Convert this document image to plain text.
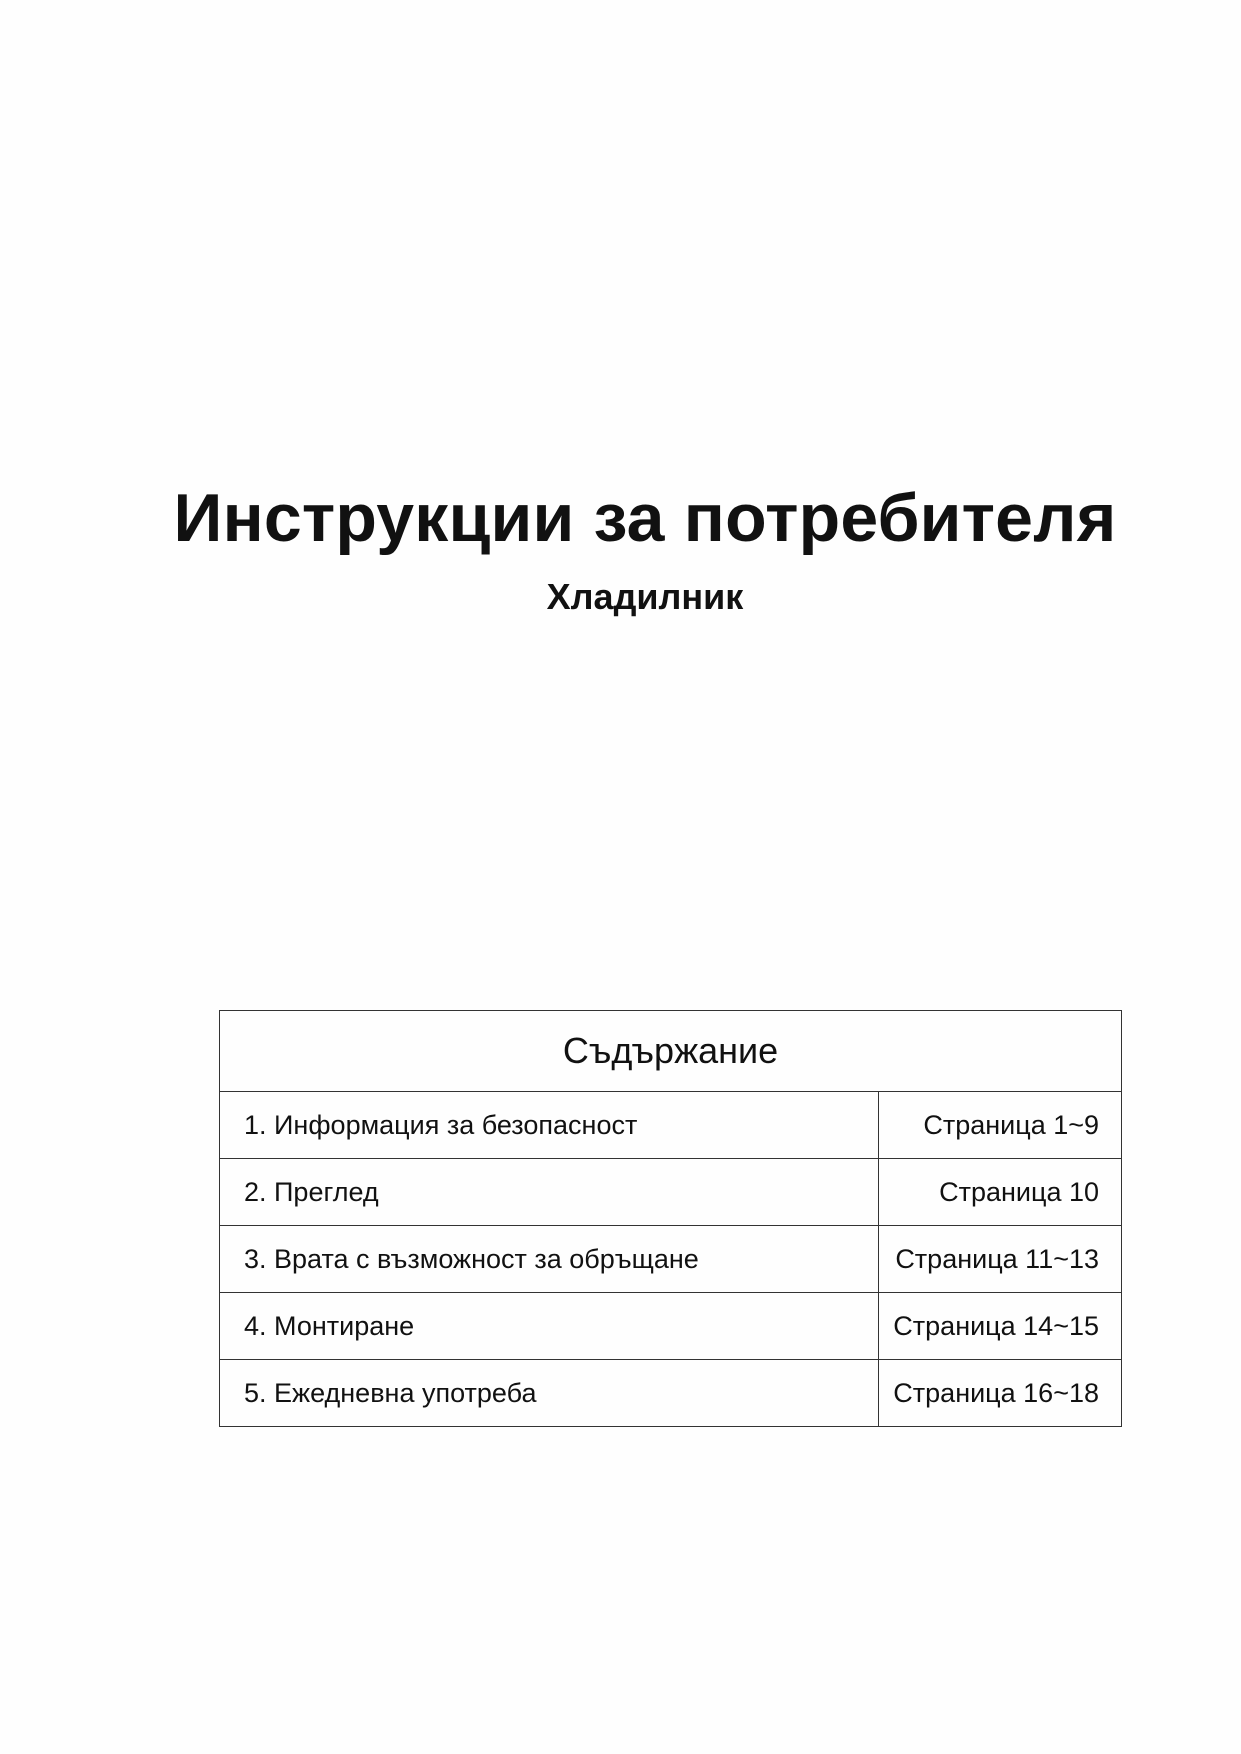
Инструкции за потребителя
Хладилник
Съдържание	
1. Информация за безопасност	Страница 1~9
2. Преглед	Страница 10
3. Врата с възможност за обръщане	Страница 11~13
4. Монтиране	Страница 14~15
5. Ежедневна употреба	Страница 16~18
